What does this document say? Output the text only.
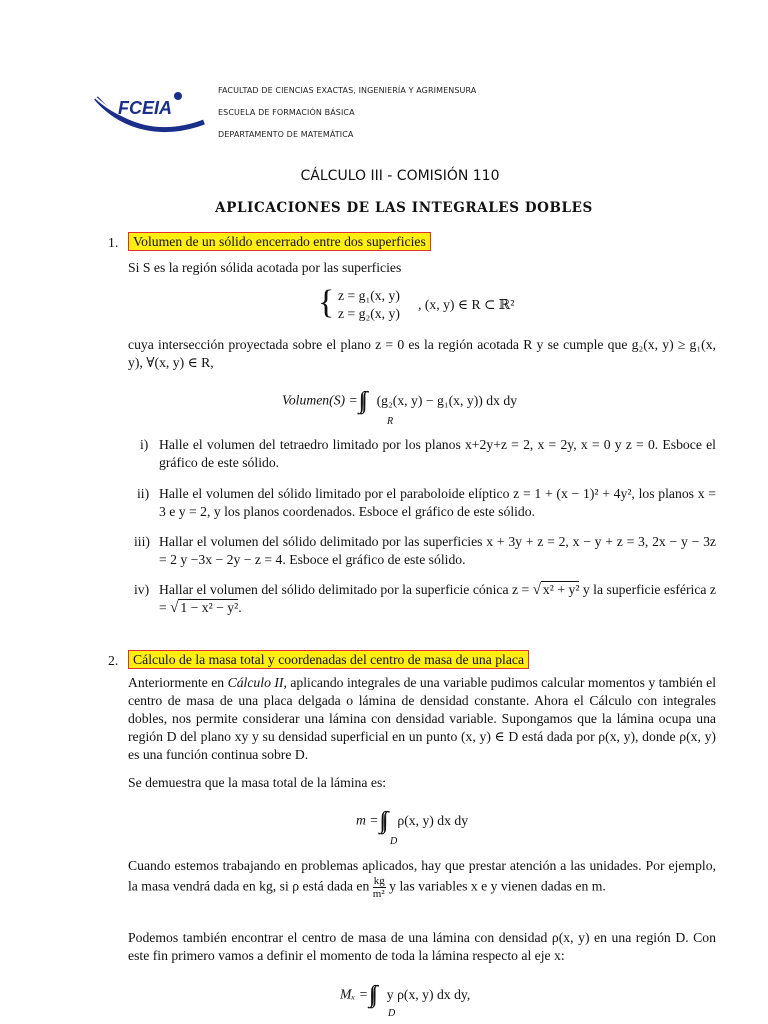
FCEIA
FACULTAD DE CIENCIAS EXACTAS, INGENIERÍA Y AGRIMENSURA
ESCUELA DE FORMACIÓN BÁSICA
DEPARTAMENTO DE MATEMÁTICA
CÁLCULO III - COMISIÓN 110
APLICACIONES DE LAS INTEGRALES DOBLES
1.	Volumen de un sólido encerrado entre dos superficies
Si S es la región sólida acotada por las superficies
{ z = g₁(x, y)
z = g₂(x, y)
, (x, y) ∈ R ⊂ ℝ²
cuya intersección proyectada sobre el plano z = 0 es la región acotada R y se cumple que g₂(x, y) ≥ g₁(x, y), ∀(x, y) ∈ R,
Volumen(S) = (g₂(x, y) − g₁(x, y)) dx dy
R
i) Halle el volumen del tetraedro limitado por los planos x+2y+z = 2, x = 2y, x = 0 y z = 0. Esboce el gráfico de este sólido.
ii) Halle el volumen del sólido limitado por el paraboloide elíptico z = 1 + (x − 1)² + 4y², los planos x = 3 e y = 2, y los planos coordenados. Esboce el gráfico de este sólido.
iii) Hallar el volumen del sólido delimitado por las superficies x + 3y + z = 2, x − y + z = 3, 2x − y − 3z = 2 y −3x − 2y − z = 4. Esboce el gráfico de este sólido.
iv) Hallar el volumen del sólido delimitado por la superficie cónica z = √ x² + y² y la superficie esférica z = √ 1 − x² − y².
2.	Cálculo de la masa total y coordenadas del centro de masa de una placa
Anteriormente en Cálculo II, aplicando integrales de una variable pudimos calcular momentos y también el centro de masa de una placa delgada o lámina de densidad constante. Ahora el Cálculo con integrales dobles, nos permite considerar una lámina con densidad variable. Supongamos que la lámina ocupa una región D del plano xy y su densidad superficial en un punto (x, y) ∈ D está dada por ρ(x, y), donde ρ(x, y) es una función continua sobre D.
Se demuestra que la masa total de la lámina es:
m = ρ(x, y) dx dy
D
Cuando estemos trabajando en problemas aplicados, hay que prestar atención a las unidades. Por ejemplo, la masa vendrá dada en kg, si ρ está dada en $\frac{kg}{\text{m²}}$ y las variables x e y vienen dadas en m.
Podemos también encontrar el centro de masa de una lámina con densidad ρ(x, y) en una región D. Con este fin primero vamos a definir el momento de toda la lámina respecto al eje x:
Mₓ = y ρ(x, y) dx dy,
D
